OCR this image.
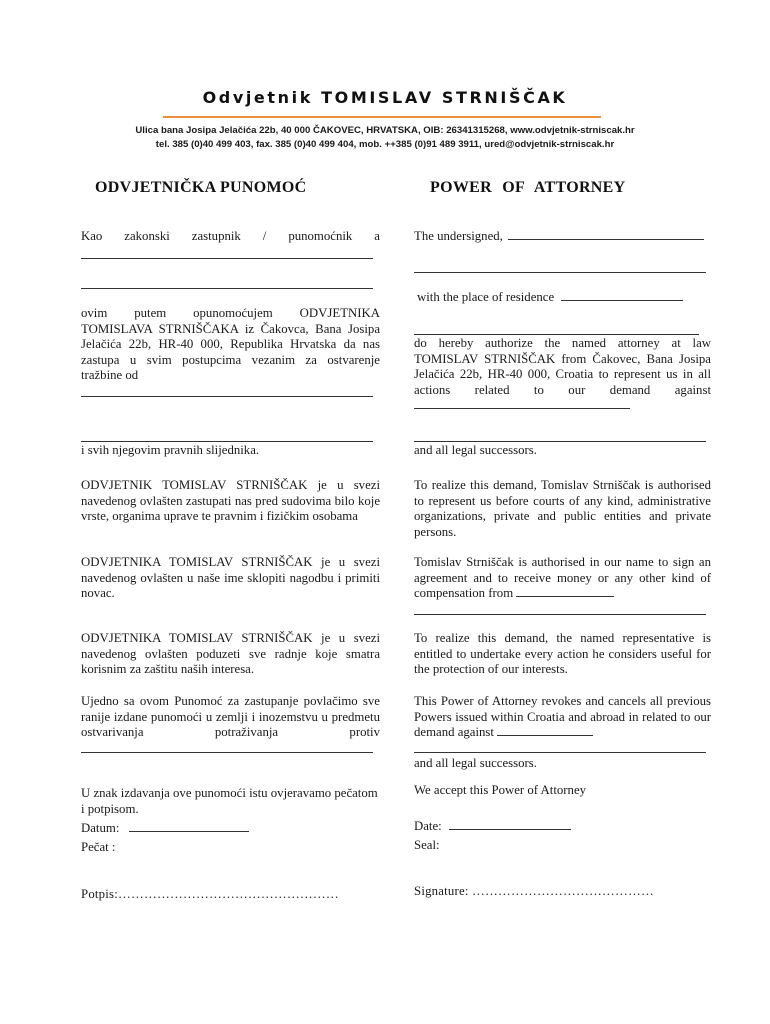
Odvjetnik TOMISLAV STRNIŠČAK
Ulica bana Josipa Jelačića 22b, 40 000 ČAKOVEC, HRVATSKA, OIB: 26341315268, www.odvjetnik-strniscak.hr
tel. 385 (0)40 499 403, fax. 385 (0)40 499 404, mob. ++385 (0)91 489 3911, ured@odvjetnik-strniscak.hr
ODVJETNIČKA PUNOMOĆ	POWER OF ATTORNEY
Kao zakonski zastupnik / punomoćnik a
ovim putem opunomoćujem ODVJETNIKA TOMISLAVA STRNIŠČAKA iz Čakovca, Bana Josipa Jelačića 22b, HR-40 000, Republika Hrvatska da nas zastupa u svim postupcima vezanim za ostvarenje tražbine od
i svih njegovim pravnih slijednika.
ODVJETNIK TOMISLAV STRNIŠČAK je u svezi navedenog ovlašten zastupati nas pred sudovima bilo koje vrste, organima uprave te pravnim i fizičkim osobama
ODVJETNIKA TOMISLAV STRNIŠČAK je u svezi navedenog ovlašten u naše ime sklopiti nagodbu i primiti novac.
ODVJETNIKA TOMISLAV STRNIŠČAK je u svezi navedenog ovlašten poduzeti sve radnje koje smatra korisnim za zaštitu naših interesa.
Ujedno sa ovom Punomoć za zastupanje povlačimo sve ranije izdane punomoći u zemlji i inozemstvu u predmetu ostvarivanja potraživanja protiv
U znak izdavanja ove punomoći istu ovjeravamo pečatom i potpisom.
Datum:
Pečat :
Potpis:……………………………………………
The undersigned,
with the place of residence
do hereby authorize the named attorney at law TOMISLAV STRNIŠČAK from Čakovec, Bana Josipa Jelačića 22b, HR-40 000, Croatia to represent us in all actions related to our demand against
and all legal successors.
To realize this demand, Tomislav Strniščak is authorised to represent us before courts of any kind, administrative organizations, private and public entities and private persons.
Tomislav Strniščak is authorised in our name to sign an agreement and to receive money or any other kind of compensation from
To realize this demand, the named representative is entitled to undertake every action he considers useful for the protection of our interests.
This Power of Attorney revokes and cancels all previous Powers issued within Croatia and abroad in related to our demand against
and all legal successors.
We accept this Power of Attorney
Date:
Seal:
Signature: ……………………………………
